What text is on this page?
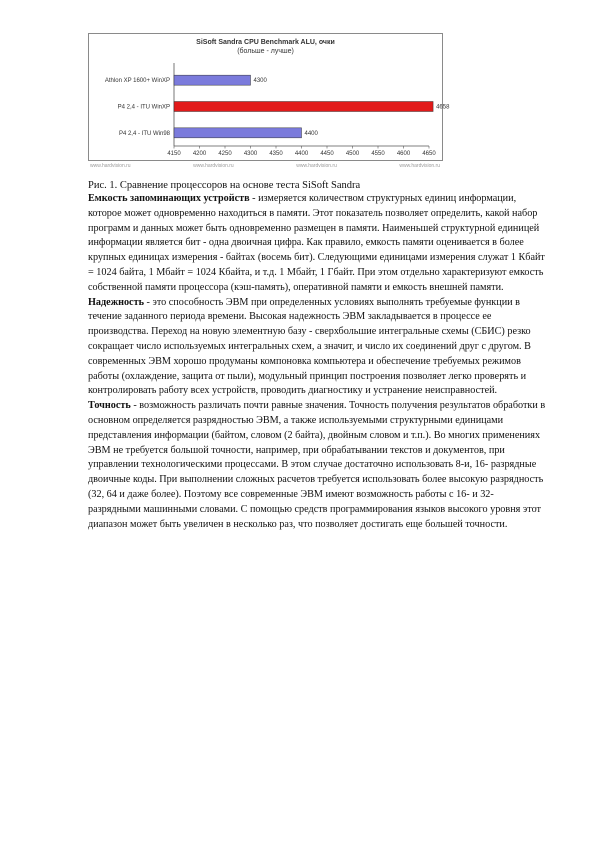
SiSoft Sandra CPU Benchmark ALU, очки
(больше - лучше)
4150 4200 4250 4300 4350 4400 4450 4500 4550 4600 4650
Athlon XP 1600+ WinXP	4300
P4 2,4 - ITU WinXP	4658
P4 2,4 - ITU Win98	4400
www.hardvision.ru	www.hardvision.ru	www.hardvision.ru	www.hardvision.ru
Рис. 1. Сравнение процессоров на основе теста SiSoft Sandra

Емкость запоминающих устройств - измеряется количеством структурных единиц информации, которое может одновременно находиться в памяти. Этот показатель позволяет определить, какой набор программ и данных может быть одновременно размещен в памяти. Наименьшей структурной единицей информации является бит - одна двоичная цифра. Как правило, емкость памяти оценивается в более крупных единицах измерения - байтах (восемь бит). Следующими единицами измерения служат 1 Кбайт = 1024 байта, 1 Мбайт = 1024 Кбайта, и т.д. 1 Мбайт, 1 Гбайт. При этом отдельно характеризуют емкость собственной памяти процессора (кэш-память), оперативной памяти и емкость внешней памяти.

Надежность - это способность ЭВМ при определенных условиях выполнять требуемые функции в течение заданного периода времени. Высокая надежность ЭВМ закладывается в процессе ее производства. Переход на новую элементную базу - сверхбольшие интегральные схемы (СБИС) резко сокращает число используемых интегральных схем, а значит, и число их соединений друг с другом. В современных ЭВМ хорошо продуманы компоновка компьютера и обеспечение требуемых режимов работы (охлаждение, защита от пыли), модульный принцип построения позволяет легко проверять и контролировать работу всех устройств, проводить диагностику и устранение неисправностей.

Точность - возможность различать почти равные значения. Точность получения результатов обработки в основном определяется разрядностью ЭВМ, а также используемыми структурными единицами представления информации (байтом, словом (2 байта), двойным словом и т.п.). Во многих применениях ЭВМ не требуется большой точности, например, при обрабатывании текстов и документов, при управлении технологическими процессами. В этом случае достаточно использовать 8-и, 16- разрядные двоичные коды. При выполнении сложных расчетов требуется использовать более высокую разрядность (32, 64 и даже более). Поэтому все современные ЭВМ имеют возможность работы с 16- и 32- разрядными машинными словами. С помощью средств программирования языков высокого уровня этот диапазон может быть увеличен в несколько раз, что позволяет достигать еще большей точности.
